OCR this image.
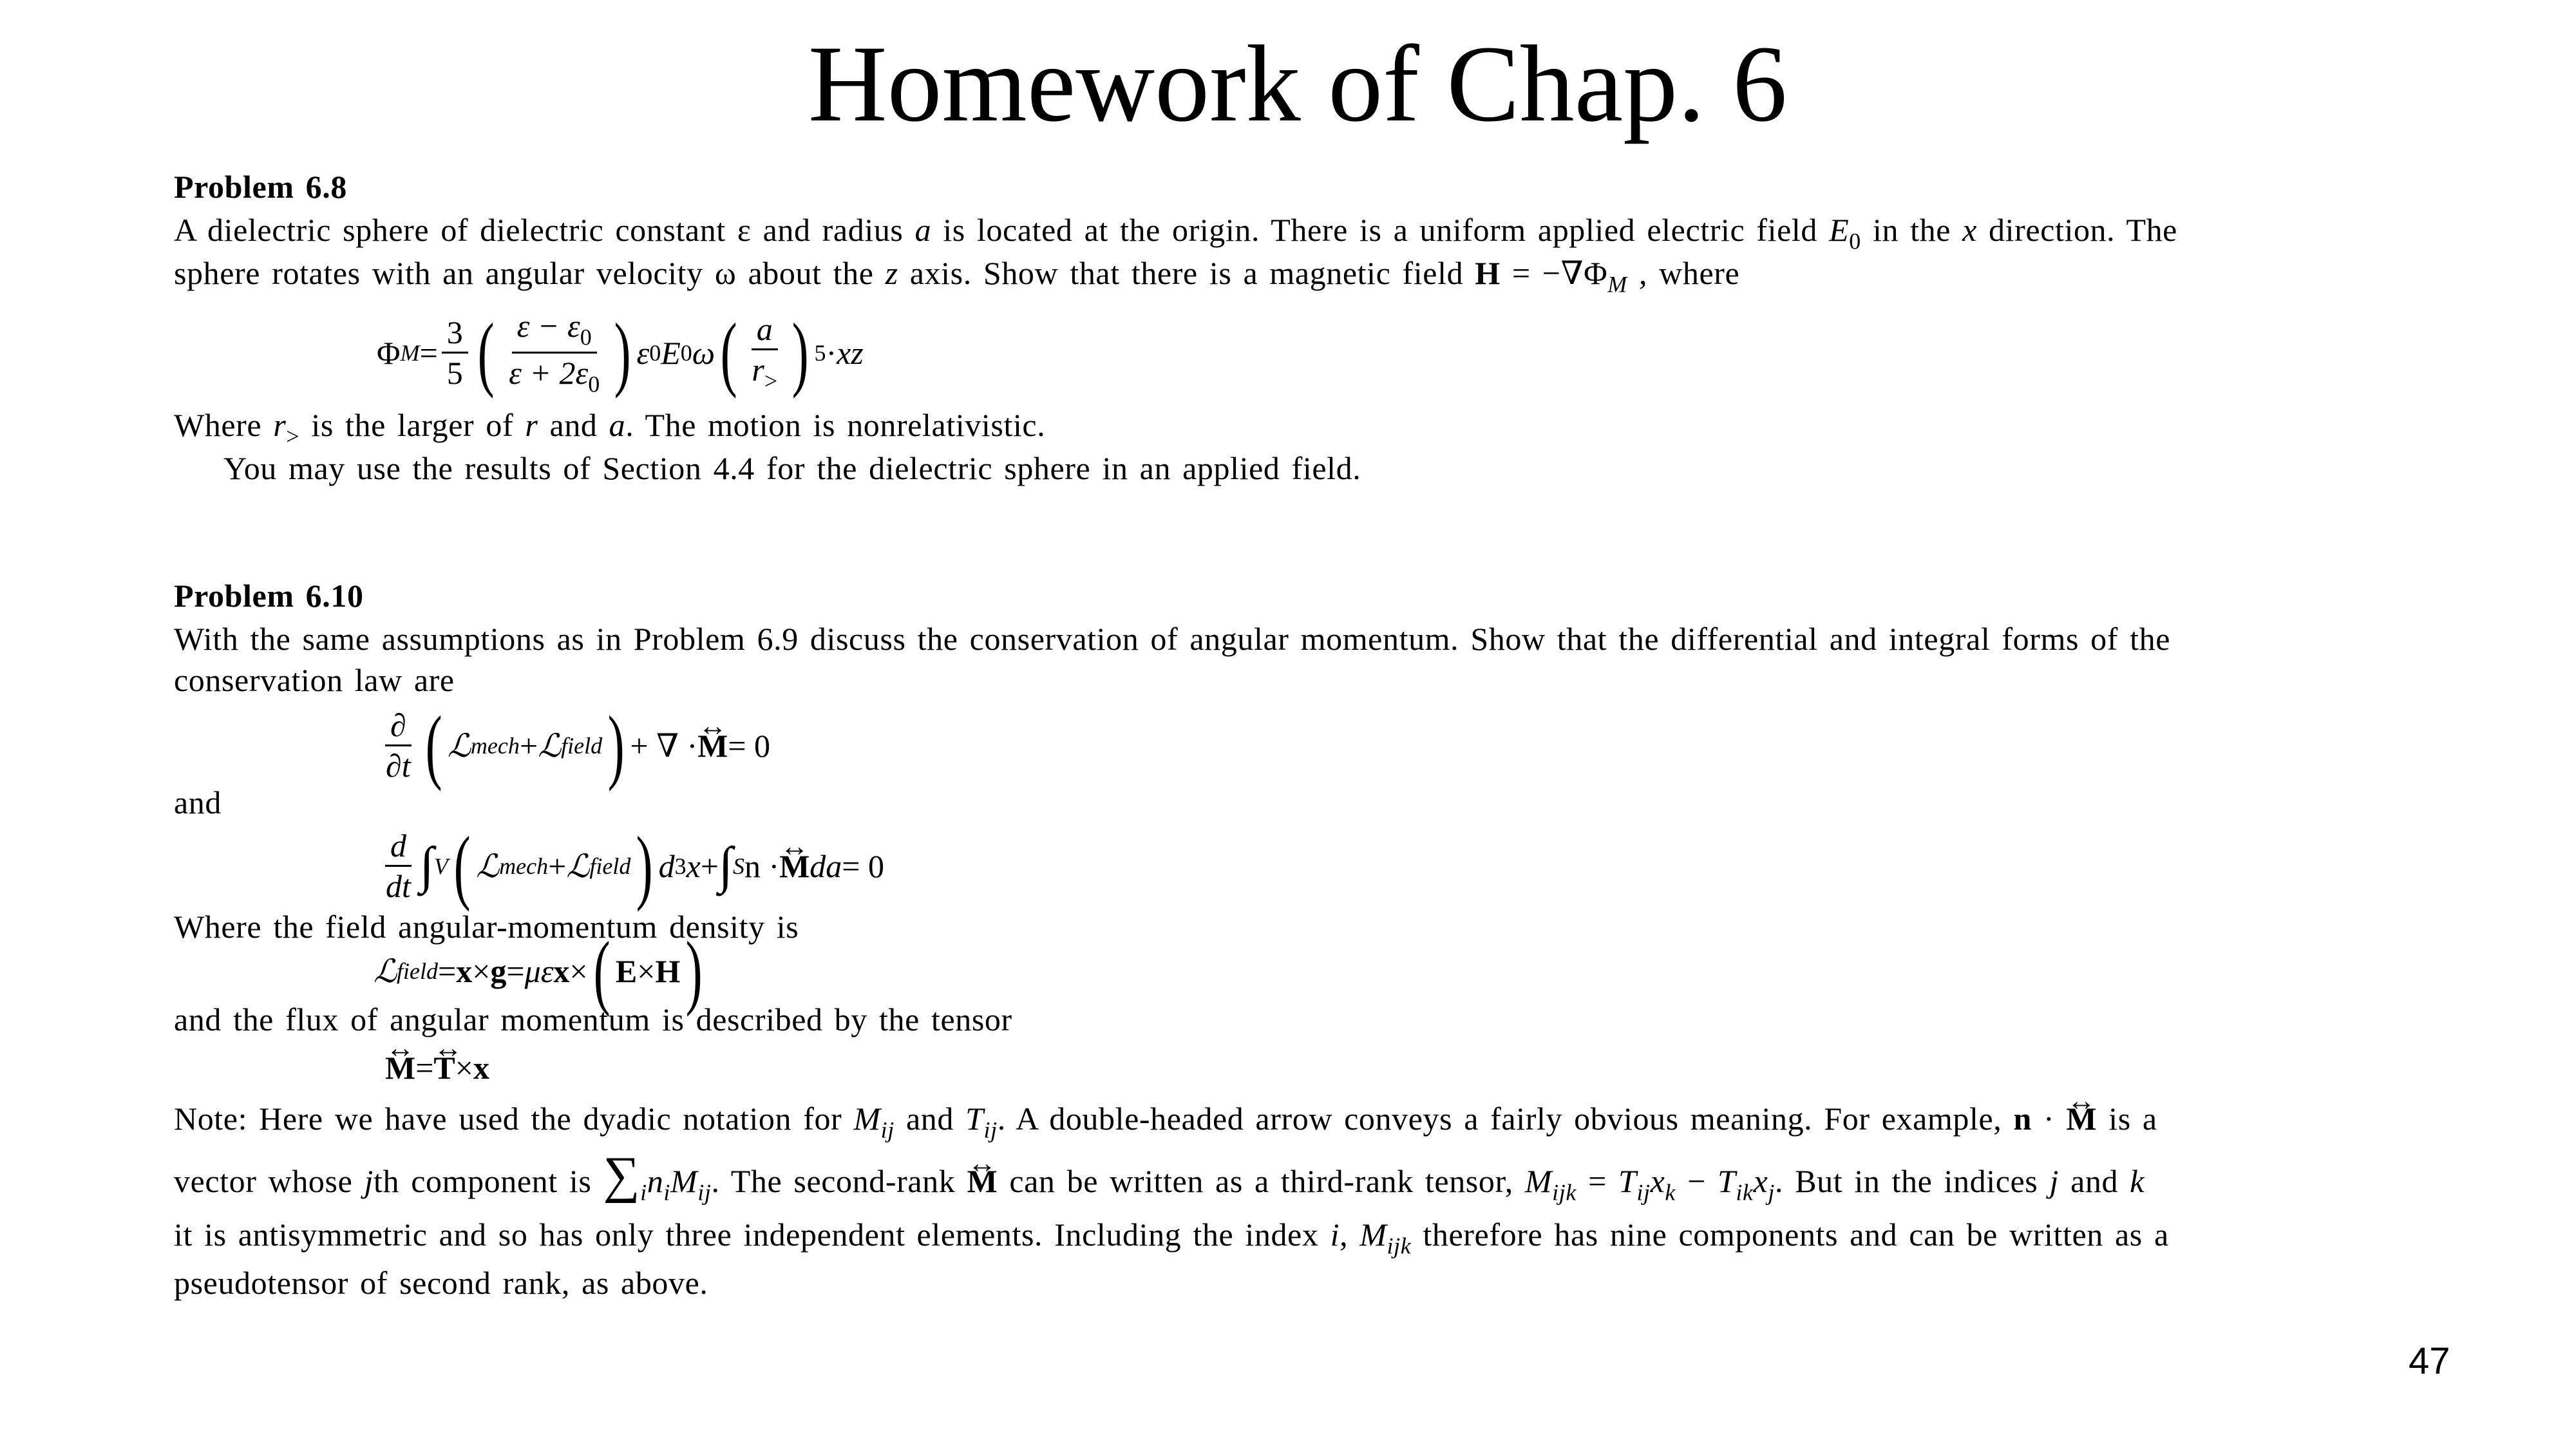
Homework of Chap. 6
Problem 6.8
A dielectric sphere of dielectric constant ε and radius a is located at the origin. There is a uniform applied electric field $E_0$ in the x direction. The
sphere rotates with an angular velocity ω about the z axis. Show that there is a magnetic field $H = -\nabla\Phi_M$ , where
Φ $M = \frac{3}{5}$ ( $\frac{\varepsilon - \varepsilon_0}{\varepsilon + 2\varepsilon_0}$ ) ε 0 E 0 ω ( $\frac{a}{r_>}$ ) 5 · xz
Where $r_>$ is the larger of r and a. The motion is nonrelativistic.
You may use the results of Section 4.4 for the dielectric sphere in an applied field.
Problem 6.10
With the same assumptions as in Problem 6.9 discuss the conservation of angular momentum. Show that the differential and integral forms of the
conservation law are
$\frac{\partial}{\partial t}$ ( ℒ mech + ℒ field ) + ∇ · ↔ M = 0
and
$\frac{d}{dt}$ ∫ V ( ℒ mech + ℒ field ) d 3 x + ∫ S n · ↔ M da = 0
Where the field angular-momentum density is
ℒ field = x × g = με x × ( E × H )
and the flux of angular momentum is described by the tensor
↔ M = ↔ T × x
Note: Here we have used the dyadic notation for $M_{ij}$ and $T_{ij}$. A double-headed arrow conveys a fairly obvious meaning. For example, n · ↔ M is a
vector whose jth component is $\sum_in_iM_{ij}$. The second-rank ↔ M can be written as a third-rank tensor, $M_{ijk} = T_{ij}x_k - T_{ik}x_j$. But in the indices j and k
it is antisymmetric and so has only three independent elements. Including the index i, $M_{ijk}$ therefore has nine components and can be written as a
pseudotensor of second rank, as above.
47
